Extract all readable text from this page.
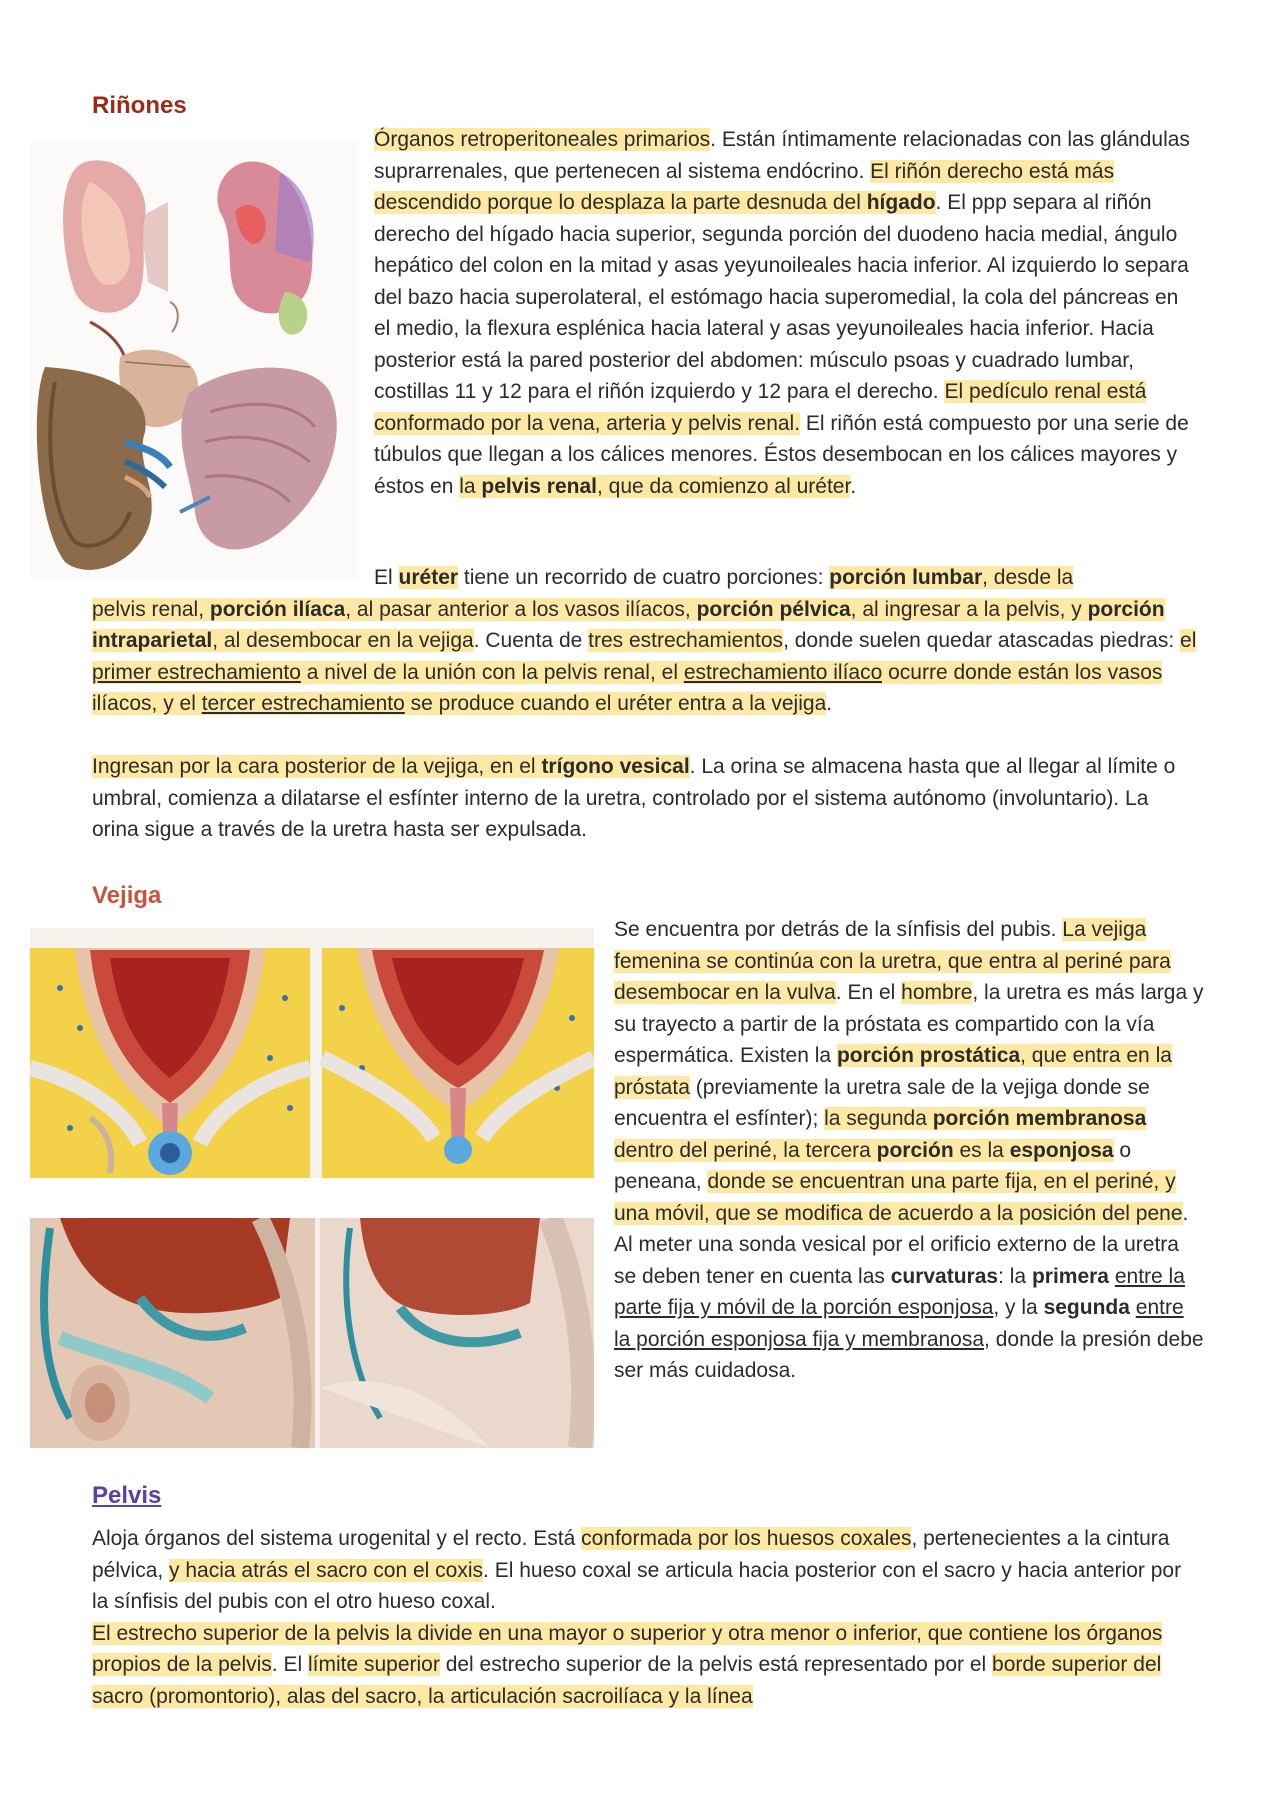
Riñones

Órganos retroperitoneales primarios. Están íntimamente relacionadas con las glándulas suprarrenales, que pertenecen al sistema endócrino. El riñón derecho está más descendido porque lo desplaza la parte desnuda del hígado. El ppp separa al riñón derecho del hígado hacia superior, segunda porción del duodeno hacia medial, ángulo hepático del colon en la mitad y asas yeyunoileales hacia inferior. Al izquierdo lo separa del bazo hacia superolateral, el estómago hacia superomedial, la cola del páncreas en el medio, la flexura esplénica hacia lateral y asas yeyunoileales hacia inferior. Hacia posterior está la pared posterior del abdomen: músculo psoas y cuadrado lumbar, costillas 11 y 12 para el riñón izquierdo y 12 para el derecho. El pedículo renal está conformado por la vena, arteria y pelvis renal. El riñón está compuesto por una serie de túbulos que llegan a los cálices menores. Éstos desembocan en los cálices mayores y éstos en la pelvis renal, que da comienzo al uréter.

El uréter tiene un recorrido de cuatro porciones: porción lumbar, desde la

pelvis renal, porción ilíaca, al pasar anterior a los vasos ilíacos, porción pélvica, al ingresar a la pelvis, y porción intraparietal, al desembocar en la vejiga. Cuenta de tres estrechamientos, donde suelen quedar atascadas piedras: el primer estrechamiento a nivel de la unión con la pelvis renal, el estrechamiento ilíaco ocurre donde están los vasos ilíacos, y el tercer estrechamiento se produce cuando el uréter entra a la vejiga.

Ingresan por la cara posterior de la vejiga, en el trígono vesical. La orina se almacena hasta que al llegar al límite o umbral, comienza a dilatarse el esfínter interno de la uretra, controlado por el sistema autónomo (involuntario). La orina sigue a través de la uretra hasta ser expulsada.

Vejiga

Se encuentra por detrás de la sínfisis del pubis. La vejiga femenina se continúa con la uretra, que entra al periné para desembocar en la vulva. En el hombre, la uretra es más larga y su trayecto a partir de la próstata es compartido con la vía espermática. Existen la porción prostática, que entra en la próstata (previamente la uretra sale de la vejiga donde se encuentra el esfínter); la segunda porción membranosa dentro del periné, la tercera porción es la esponjosa o peneana, donde se encuentran una parte fija, en el periné, y una móvil, que se modifica de acuerdo a la posición del pene. Al meter una sonda vesical por el orificio externo de la uretra se deben tener en cuenta las curvaturas: la primera entre la parte fija y móvil de la porción esponjosa, y la segunda entre la porción esponjosa fija y membranosa, donde la presión debe ser más cuidadosa.

Pelvis

Aloja órganos del sistema urogenital y el recto. Está conformada por los huesos coxales, pertenecientes a la cintura pélvica, y hacia atrás el sacro con el coxis. El hueso coxal se articula hacia posterior con el sacro y hacia anterior por la sínfisis del pubis con el otro hueso coxal.

El estrecho superior de la pelvis la divide en una mayor o superior y otra menor o inferior, que contiene los órganos propios de la pelvis. El límite superior del estrecho superior de la pelvis está representado por el borde superior del sacro (promontorio), alas del sacro, la articulación sacroilíaca y la línea
